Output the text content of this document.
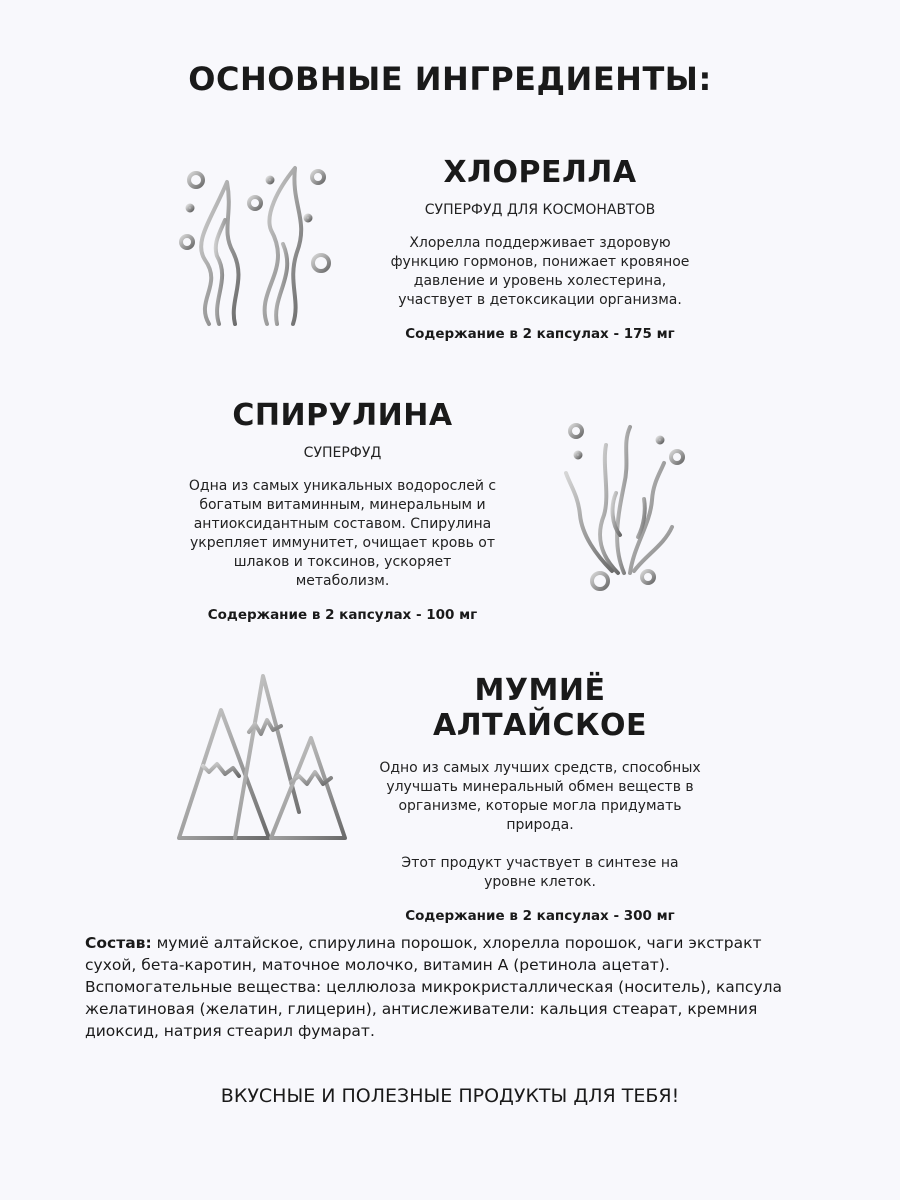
ОСНОВНЫЕ ИНГРЕДИЕНТЫ:
ХЛОРЕЛЛА
СУПЕРФУД ДЛЯ КОСМОНАВТОВ

Хлорелла поддерживает здоровую функцию гормонов, понижает кровяное давление и уровень холестерина, участвует в детоксикации организма.

Содержание в 2 капсулах - 175 мг
СПИРУЛИНА
СУПЕРФУД

Одна из самых уникальных водорослей с богатым витаминным, минеральным и антиоксидантным составом. Спирулина укрепляет иммунитет, очищает кровь от шлаков и токсинов, ускоряет метаболизм.

Содержание в 2 капсулах - 100 мг
МУМИЁ АЛТАЙСКОЕ

Одно из самых лучших средств, способных улучшать минеральный обмен веществ в организме, которые могла придумать природа.

Этот продукт участвует в синтезе на уровне клеток.

Содержание в 2 капсулах - 300 мг
Состав: мумиё алтайское, спирулина порошок, хлорелла порошок, чаги экстракт сухой, бета-каротин, маточное молочко, витамин А (ретинола ацетат). Вспомогательные вещества: целлюлоза микрокристаллическая (носитель), капсула желатиновая (желатин, глицерин), антислеживатели: кальция стеарат, кремния диоксид, натрия стеарил фумарат.
ВКУСНЫЕ И ПОЛЕЗНЫЕ ПРОДУКТЫ ДЛЯ ТЕБЯ!
